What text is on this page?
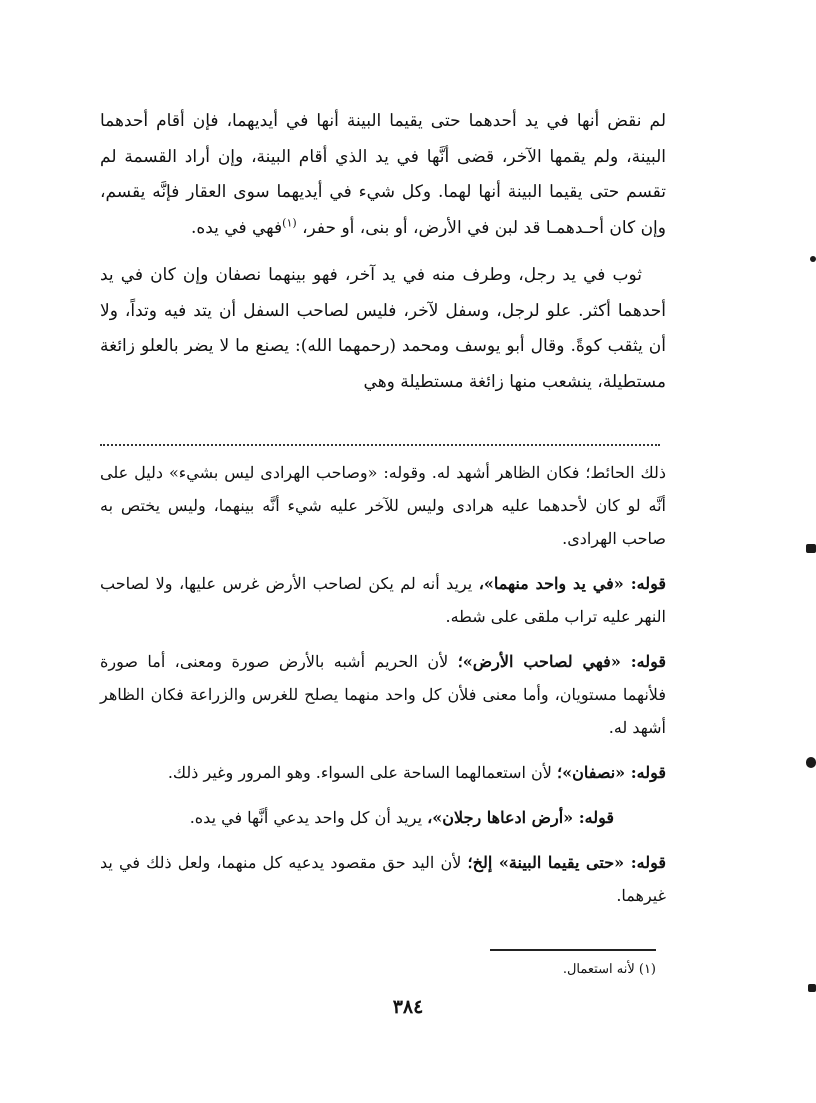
لم نقض أنها في يد أحدهما حتى يقيما البينة أنها في أيديهما، فإن أقام أحدهما البينة، ولم يقمها الآخر، قضى أنَّها في يد الذي أقام البينة، وإن أراد القسمة لم تقسم حتى يقيما البينة أنها لهما. وكل شيء في أيديهما سوى العقار فإنَّه يقسم، وإن كان أحـدهمـا قد لبن في الأرض، أو بنى، أو حفر، $^{(١)}$فهي في يده.

ثوب في يد رجل، وطرف منه في يد آخر، فهو بينهما نصفان وإن كان في يد أحدهما أكثر. علو لرجل، وسفل لآخر، فليس لصاحب السفل أن يتد فيه وتداً، ولا أن يثقب كوةً. وقال أبو يوسف ومحمد (رحمهما الله): يصنع ما لا يضر بالعلو زائغة مستطيلة، ينشعب منها زائغة مستطيلة وهي

ذلك الحائط؛ فكان الظاهر أشهد له. وقوله: «وصاحب الهرادى ليس بشيء» دليل على أنَّه لو كان لأحدهما عليه هرادى وليس للآخر عليه شيء أنَّه بينهما، وليس يختص به صاحب الهرادى.

قوله: «في يد واحد منهما»، يريد أنه لم يكن لصاحب الأرض غرس عليها، ولا لصاحب النهر عليه تراب ملقى على شطه.

قوله: «فهي لصاحب الأرض»؛ لأن الحريم أشبه بالأرض صورة ومعنى، أما صورة فلأنهما مستويان، وأما معنى فلأن كل واحد منهما يصلح للغرس والزراعة فكان الظاهر أشهد له.

قوله: «نصفان»؛ لأن استعمالهما الساحة على السواء. وهو المرور وغير ذلك.

قوله: «أرض ادعاها رجلان»، يريد أن كل واحد يدعي أنَّها في يده.

قوله: «حتى يقيما البينة» إلخ؛ لأن اليد حق مقصود يدعيه كل منهما، ولعل ذلك في يد غيرهما.

(١) لأنه استعمال.
٣٨٤
